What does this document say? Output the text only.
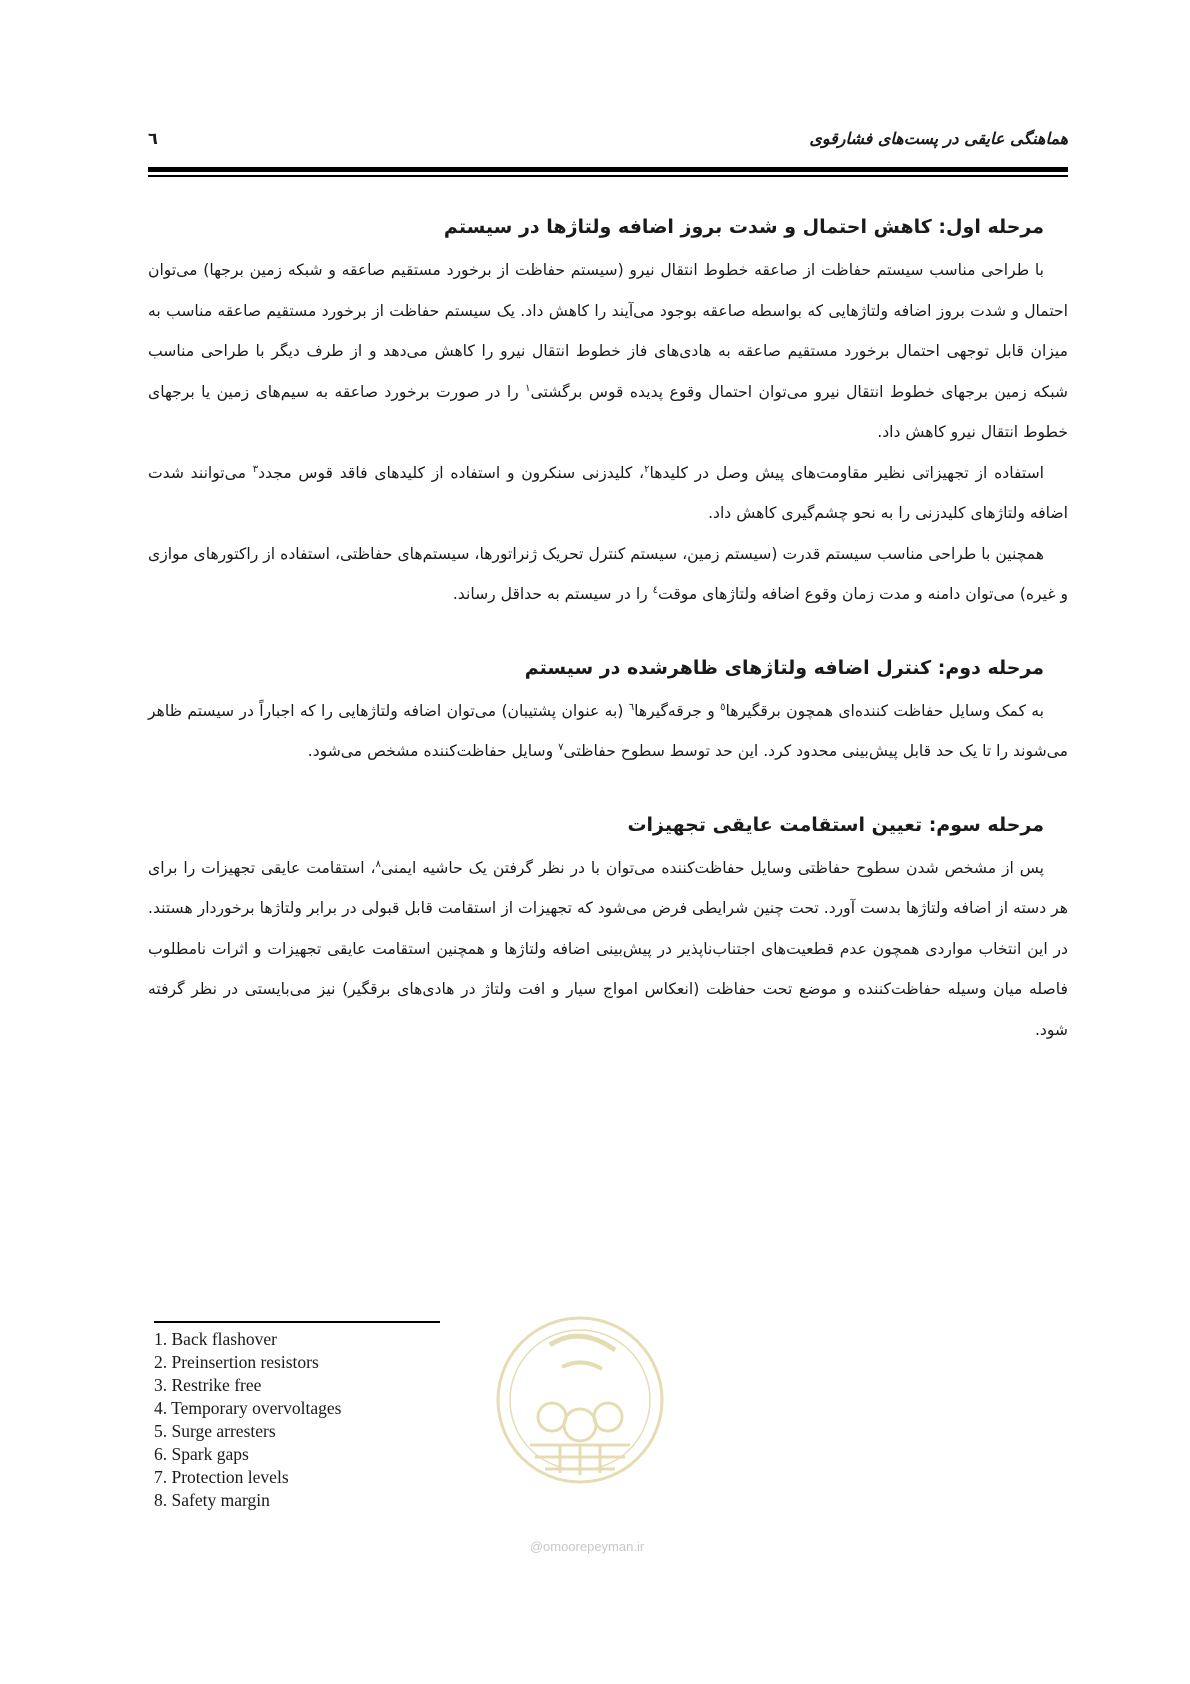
هماهنگی عایقی در پست‌های فشارقوی
٦
مرحله اول: کاهش احتمال و شدت بروز اضافه ولتاژها در سیستم

با طراحی مناسب سیستم حفاظت از صاعقه خطوط انتقال نیرو (سیستم حفاظت از برخورد مستقیم صاعقه و شبکه زمین برجها) می‌توان احتمال و شدت بروز اضافه ولتاژهایی که بواسطه صاعقه بوجود می‌آیند را کاهش داد. یک سیستم حفاظت از برخورد مستقیم صاعقه مناسب به میزان قابل توجهی احتمال برخورد مستقیم صاعقه به هادی‌های فاز خطوط انتقال نیرو را کاهش می‌دهد و از طرف دیگر با طراحی مناسب شبکه زمین برجهای خطوط انتقال نیرو می‌توان احتمال وقوع پدیده قوس برگشتی$^١$ را در صورت برخورد صاعقه به سیم‌های زمین یا برجهای خطوط انتقال نیرو کاهش داد.

استفاده از تجهیزاتی نظیر مقاومت‌های پیش وصل در کلیدها$^٢$، کلیدزنی سنکرون و استفاده از کلیدهای فاقد قوس مجدد$^٣$ می‌توانند شدت اضافه ولتاژهای کلیدزنی را به نحو چشم‌گیری کاهش داد.

همچنین با طراحی مناسب سیستم قدرت (سیستم زمین، سیستم کنترل تحریک ژنراتورها، سیستم‌های حفاظتی، استفاده از راکتورهای موازی و غیره) می‌توان دامنه و مدت زمان وقوع اضافه ولتاژهای موقت$^٤$ را در سیستم به حداقل رساند.

مرحله دوم: کنترل اضافه ولتاژهای ظاهرشده در سیستم

به کمک وسایل حفاظت کننده‌ای همچون برقگیرها$^٥$ و جرقه‌گیرها$^٦$ (به عنوان پشتیبان) می‌توان اضافه ولتاژهایی را که اجباراً در سیستم ظاهر می‌شوند را تا یک حد قابل پیش‌بینی محدود کرد. این حد توسط سطوح حفاظتی$^٧$ وسایل حفاظت‌کننده مشخص می‌شود.

مرحله سوم: تعیین استقامت عایقی تجهیزات

پس از مشخص شدن سطوح حفاظتی وسایل حفاظت‌کننده می‌توان با در نظر گرفتن یک حاشیه ایمنی$^٨$، استقامت عایقی تجهیزات را برای هر دسته از اضافه ولتاژها بدست آورد. تحت چنین شرایطی فرض می‌شود که تجهیزات از استقامت قابل قبولی در برابر ولتاژها برخوردار هستند. در این انتخاب مواردی همچون عدم قطعیت‌های اجتناب‌ناپذیر در پیش‌بینی اضافه ولتاژها و همچنین استقامت عایقی تجهیزات و اثرات نامطلوب فاصله میان وسیله حفاظت‌کننده و موضع تحت حفاظت (انعکاس امواج سیار و افت ولتاژ در هادی‌های برقگیر) نیز می‌بایستی در نظر گرفته شود.

1. Back flashover
2. Preinsertion resistors
3. Restrike free
4. Temporary overvoltages
5. Surge arresters
6. Spark gaps
7. Protection levels
8. Safety margin
@omoorepeyman.ir
